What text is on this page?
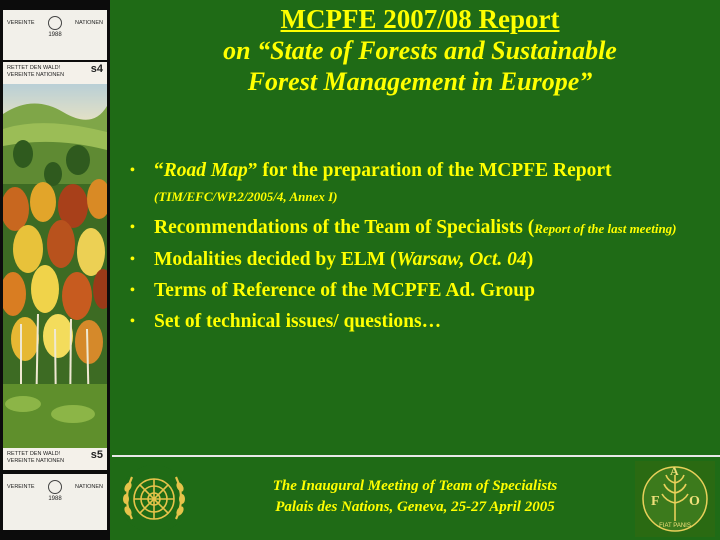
VEREINTE	NATIONEN
1988
RETTET DEN WALD!
VEREINTE NATIONEN	s4
RETTET DEN WALD!
VEREINTE NATIONEN	s5
VEREINTE	NATIONEN
1988
MCPFE 2007/08 Report
on “State of Forests and Sustainable
Forest Management in Europe”
• “Road Map” for the preparation of the MCPFE Report (TIM/EFC/WP.2/2005/4, Annex I)
• Recommendations of the Team of Specialists (Report of the last meeting)
• Modalities decided by ELM (Warsaw, Oct. 04)
• Terms of Reference of the MCPFE Ad. Group
• Set of technical issues/ questions…
The Inaugural Meeting of Team of Specialists
Palais des Nations, Geneva, 25-27 April 2005	F
A
O
FIAT PANIS
